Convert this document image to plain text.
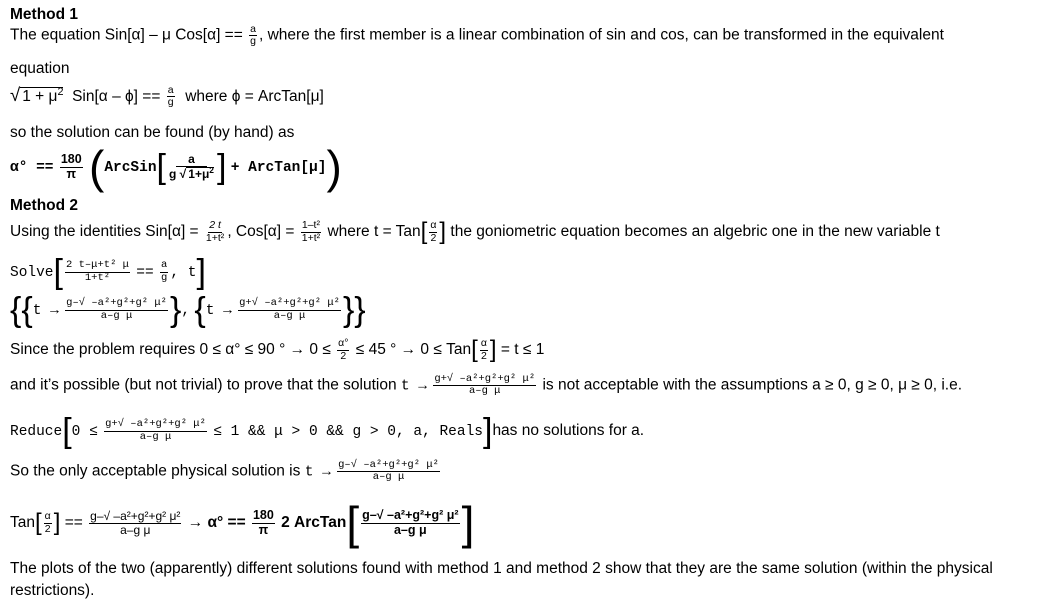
Method 1
The equation Sin[α] – μ $Cos[\alpha] == \frac{a}{g}$ , where the first member is a linear combination of sin and cos, can be transformed in the equivalent
equation
√ $1 + \mu^2$ $Sin[\alpha - \phi] == \frac{a}{g}$ where ϕ = ArcTan[μ]
so the solution can be found (by hand) as
$\alpha^\circ == \frac{180}{\pi}$ (ArcSin[ $\frac{a}{g √ 1+\mu^2}$ ] + ArcTan[μ])
Method 2
Using the identities $Sin[\alpha] = \frac{2 t}{\text{1+t²}}$ , $Cos[\alpha] = \frac{\text{1–t²}}{\text{1+t²}}$ where $t = Tan[ \frac{\alpha}{2}$ ] the goniometric equation becomes an algebric one in the new variable t
Solve[ $\frac{\text{2 t–μ+t² μ}}{\text{1+t²}} == \frac{a}{g}$ , t]
{{$t \to \frac{\text{g–√ –a²+g²+g² μ²}}{\text{a–g μ}}$ }, {$t \to \frac{\text{g+√ –a²+g²+g² μ²}}{\text{a–g μ}}$ }}
Since the problem requires 0 ≤ α° ≤ 90 ° → $0 \le \frac{\alpha^\circ}{2} \le 45$ ° → $0 \le Tan[ \frac{\alpha}{2}$ ] = t ≤ 1
and it’s possible (but not trivial) to prove that the solution $t \to \frac{\text{g+√ –a²+g²+g² μ²}}{\text{a–g μ}}$ is not acceptable with the assumptions a ≥ 0, g ≥ 0, μ ≥ 0, i.e.
Reduce[0 ≤ $\frac{\text{g+√ –a²+g²+g² μ²}}{\text{a–g μ}} \le 1$ && μ > 0 && g > 0, a, Reals]has no solutions for a.
So the only acceptable physical solution is $t \to \frac{\text{g–√ –a²+g²+g² μ²}}{\text{a–g μ}}$
$Tan[ \frac{\alpha}{2}$ ] == $\frac{\text{g–√ –a²+g²+g² μ²}}{\text{a–g μ}} \to \alpha^\circ == \frac{180}{\pi} 2$ ArcTan[ $\frac{\text{g–√ –a²+g²+g² μ²}}{\text{a–g μ}}$ ]
The plots of the two (apparently) different solutions found with method 1 and method 2 show that they are the same solution (within the physical
restrictions).
